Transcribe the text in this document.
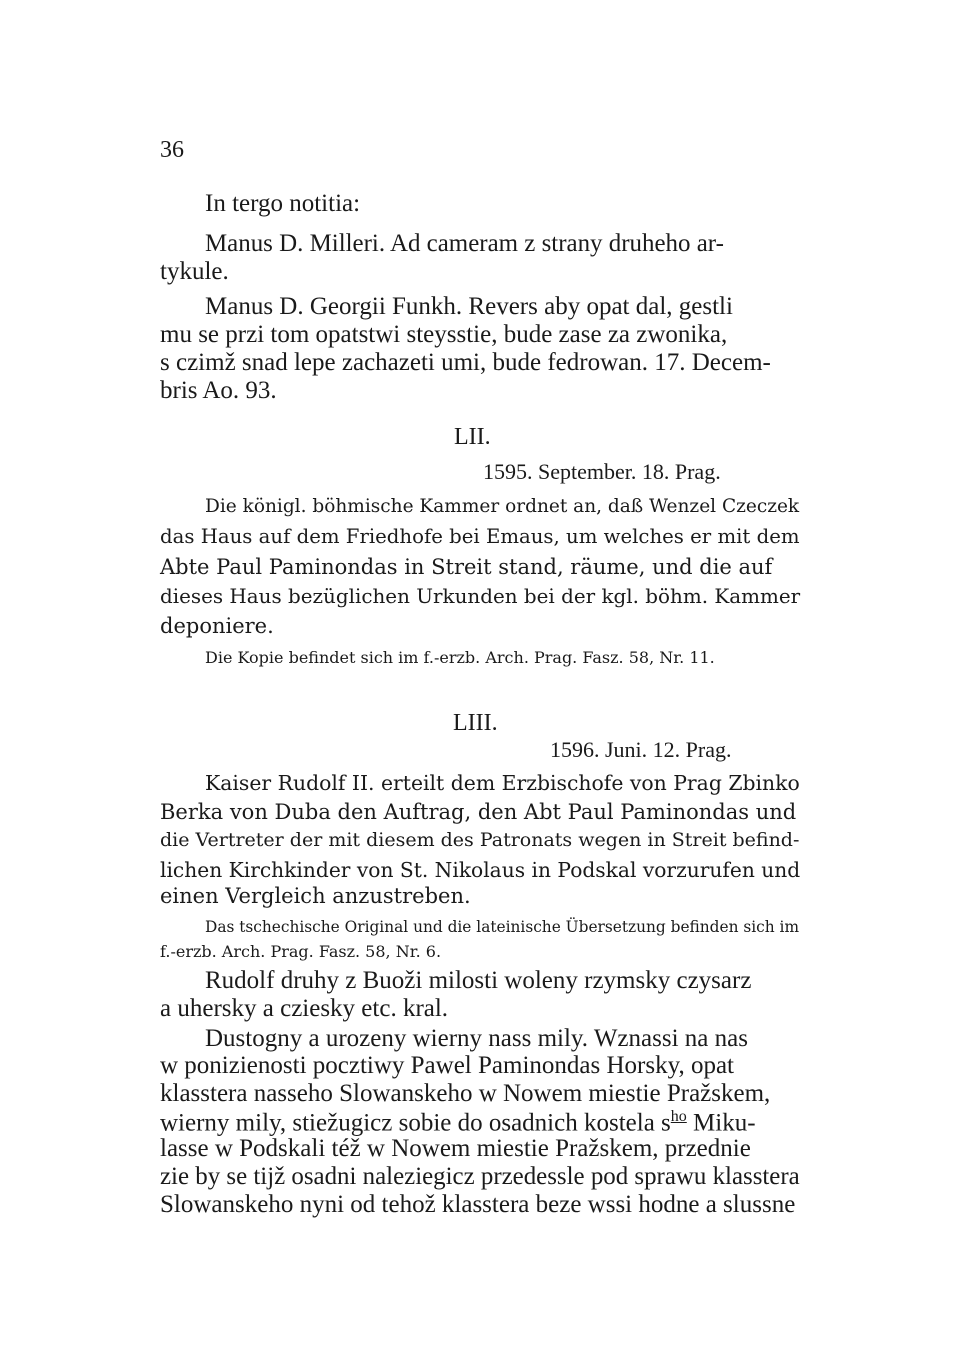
36
In tergo notitia:
Manus D. Milleri. Ad cameram z strany druheho ar-
tykule.
Manus D. Georgii Funkh. Revers aby opat dal, gestli
mu se przi tom opatstwi steysstie, bude zase za zwonika,
s czimž snad lepe zachazeti umi, bude fedrowan. 17. Decem-
bris Ao. 93.
LII.
1595. September. 18. Prag.
Die königl. böhmische Kammer ordnet an, daß Wenzel Czeczek
das Haus auf dem Friedhofe bei Emaus, um welches er mit dem
Abte Paul Paminondas in Streit stand, räume, und die auf
dieses Haus bezüglichen Urkunden bei der kgl. böhm. Kammer
deponiere.
Die Kopie befindet sich im f.-erzb. Arch. Prag. Fasz. 58, Nr. 11.
LIII.
1596. Juni. 12. Prag.
Kaiser Rudolf II. erteilt dem Erzbischofe von Prag Zbinko
Berka von Duba den Auftrag, den Abt Paul Paminondas und
die Vertreter der mit diesem des Patronats wegen in Streit befind-
lichen Kirchkinder von St. Nikolaus in Podskal vorzurufen und
einen Vergleich anzustreben.
Das tschechische Original und die lateinische Übersetzung befinden sich im
f.-erzb. Arch. Prag. Fasz. 58, Nr. 6.
Rudolf druhy z Buoži milosti woleny rzymsky czysarz
a uhersky a cziesky etc. kral.
Dustogny a urozeny wierny nass mily. Wznassi na nas
w ponizienosti pocztiwy Pawel Paminondas Horsky, opat
klasstera nasseho Slowanskeho w Nowem miestie Pražskem,
wierny mily, stiežugicz sobie do osadnich kostela $s^{ho}$ Miku-
lasse w Podskali též w Nowem miestie Pražskem, przednie
zie by se tijž osadni naleziegicz przedessle pod sprawu klasstera
Slowanskeho nyni od tehož klasstera beze wssi hodne a slussne
